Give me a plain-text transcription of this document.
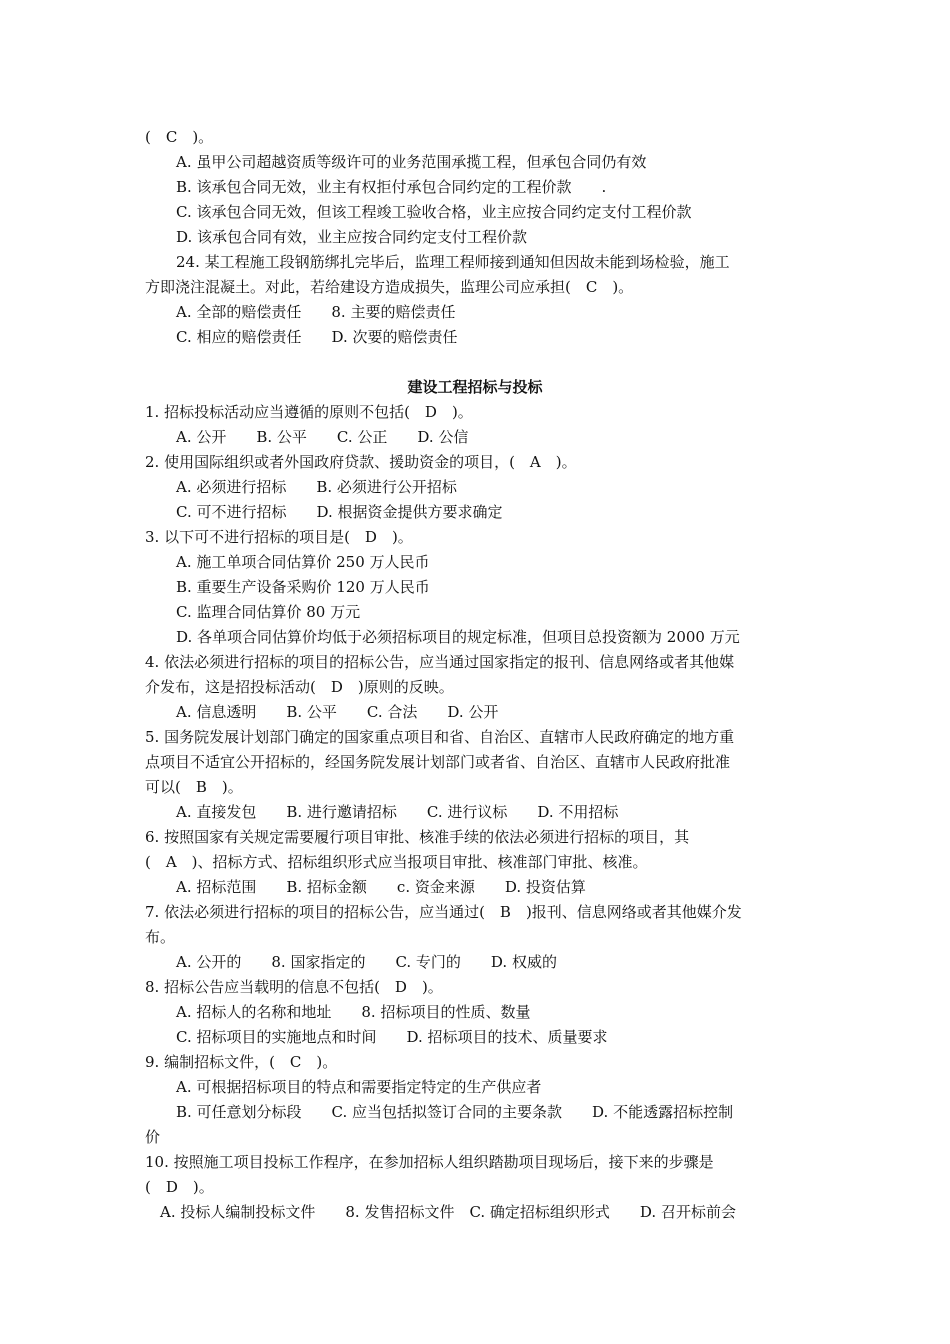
(　C　)。
A. 虽甲公司超越资质等级许可的业务范围承揽工程，但承包合同仍有效
B. 该承包合同无效，业主有权拒付承包合同约定的工程价款　　.
C. 该承包合同无效，但该工程竣工验收合格，业主应按合同约定支付工程价款
D. 该承包合同有效，业主应按合同约定支付工程价款
24. 某工程施工段钢筋绑扎完毕后，监理工程师接到通知但因故未能到场检验，施工
方即浇注混凝土。对此，若给建设方造成损失，监理公司应承担(　C　)。
A. 全部的赔偿责任　　8. 主要的赔偿责任
C. 相应的赔偿责任　　D. 次要的赔偿责任
建设工程招标与投标
1. 招标投标活动应当遵循的原则不包括(　D　)。
A. 公开　　B. 公平　　C. 公正　　D. 公信
2. 使用国际组织或者外国政府贷款、援助资金的项目，(　A　)。
A. 必须进行招标　　B. 必须进行公开招标
C. 可不进行招标　　D. 根据资金提供方要求确定
3. 以下可不进行招标的项目是(　D　)。
A. 施工单项合同估算价 250 万人民币
B. 重要生产设备采购价 120 万人民币
C. 监理合同估算价 80 万元
D. 各单项合同估算价均低于必须招标项目的规定标准，但项目总投资额为 2000 万元
4. 依法必须进行招标的项目的招标公告，应当通过国家指定的报刊、信息网络或者其他媒
介发布，这是招投标活动(　D　)原则的反映。
A. 信息透明　　B. 公平　　C. 合法　　D. 公开
5. 国务院发展计划部门确定的国家重点项目和省、自治区、直辖市人民政府确定的地方重
点项目不适宜公开招标的，经国务院发展计划部门或者省、自治区、直辖市人民政府批准
可以(　B　)。
A. 直接发包　　B. 进行邀请招标　　C. 进行议标　　D. 不用招标
6. 按照国家有关规定需要履行项目审批、核准手续的依法必须进行招标的项目，其
(　A　)、招标方式、招标组织形式应当报项目审批、核准部门审批、核准。
A. 招标范围　　B. 招标金额　　c. 资金来源　　D. 投资估算
7. 依法必须进行招标的项目的招标公告，应当通过(　B　)报刊、信息网络或者其他媒介发
布。
A. 公开的　　8. 国家指定的　　C. 专门的　　D. 权威的
8. 招标公告应当载明的信息不包括(　D　)。
A. 招标人的名称和地址　　8. 招标项目的性质、数量
C. 招标项目的实施地点和时间　　D. 招标项目的技术、质量要求
9. 编制招标文件，(　C　)。
A. 可根据招标项目的特点和需要指定特定的生产供应者
B. 可任意划分标段　　C. 应当包括拟签订合同的主要条款　　D. 不能透露招标控制
价
10. 按照施工项目投标工作程序，在参加招标人组织踏勘项目现场后，接下来的步骤是
(　D　)。
A. 投标人编制投标文件　　8. 发售招标文件　C. 确定招标组织形式　　D. 召开标前会
